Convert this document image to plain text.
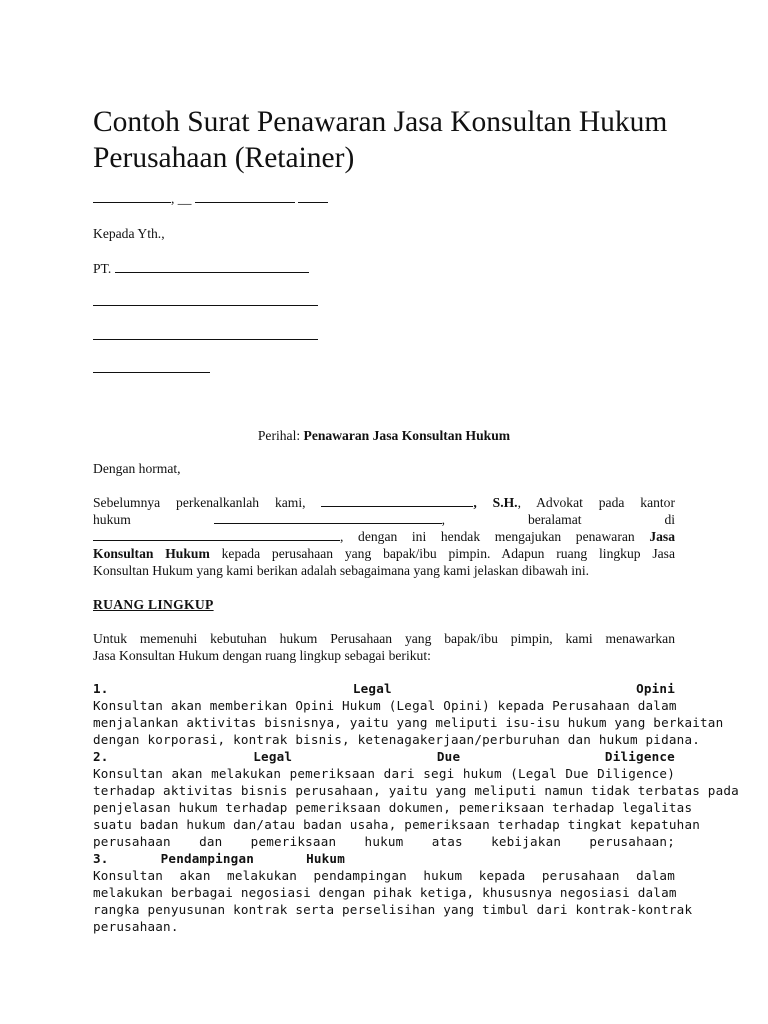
Contoh Surat Penawaran Jasa Konsultan Hukum Perusahaan (Retainer)
, __
Kepada Yth.,
PT.
Perihal: Penawaran Jasa Konsultan Hukum
Dengan hormat,
Sebelumnya perkenalkanlah kami,	, S.H., Advokat pada kantor
hukum	,	beralamat	di
, dengan ini hendak mengajukan penawaran Jasa
Konsultan Hukum kepada perusahaan yang bapak/ibu pimpin. Adapun ruang lingkup Jasa
Konsultan Hukum yang kami berikan adalah sebagaimana yang kami jelaskan dibawah ini.
RUANG LINGKUP
Untuk memenuhi kebutuhan hukum Perusahaan yang bapak/ibu pimpin, kami menawarkan
Jasa Konsultan Hukum dengan ruang lingkup sebagai berikut:
1.	Legal	Opini
Konsultan akan memberikan Opini Hukum (Legal Opini) kepada Perusahaan dalam
menjalankan aktivitas bisnisnya, yaitu yang meliputi isu-isu hukum yang berkaitan
dengan korporasi, kontrak bisnis, ketenagakerjaan/perburuhan dan hukum pidana.
2.	Legal	Due	Diligence
Konsultan akan melakukan pemeriksaan dari segi hukum (Legal Due Diligence)
terhadap aktivitas bisnis perusahaan, yaitu yang meliputi namun tidak terbatas pada
penjelasan hukum terhadap pemeriksaan dokumen, pemeriksaan terhadap legalitas
suatu badan hukum dan/atau badan usaha, pemeriksaan terhadap tingkat kepatuhan
perusahaan dan pemeriksaan hukum atas kebijakan perusahaan;
3.	Pendampingan	Hukum
Konsultan akan melakukan pendampingan hukum kepada perusahaan dalam
melakukan berbagai negosiasi dengan pihak ketiga, khususnya negosiasi dalam
rangka penyusunan kontrak serta perselisihan yang timbul dari kontrak-kontrak
perusahaan.
